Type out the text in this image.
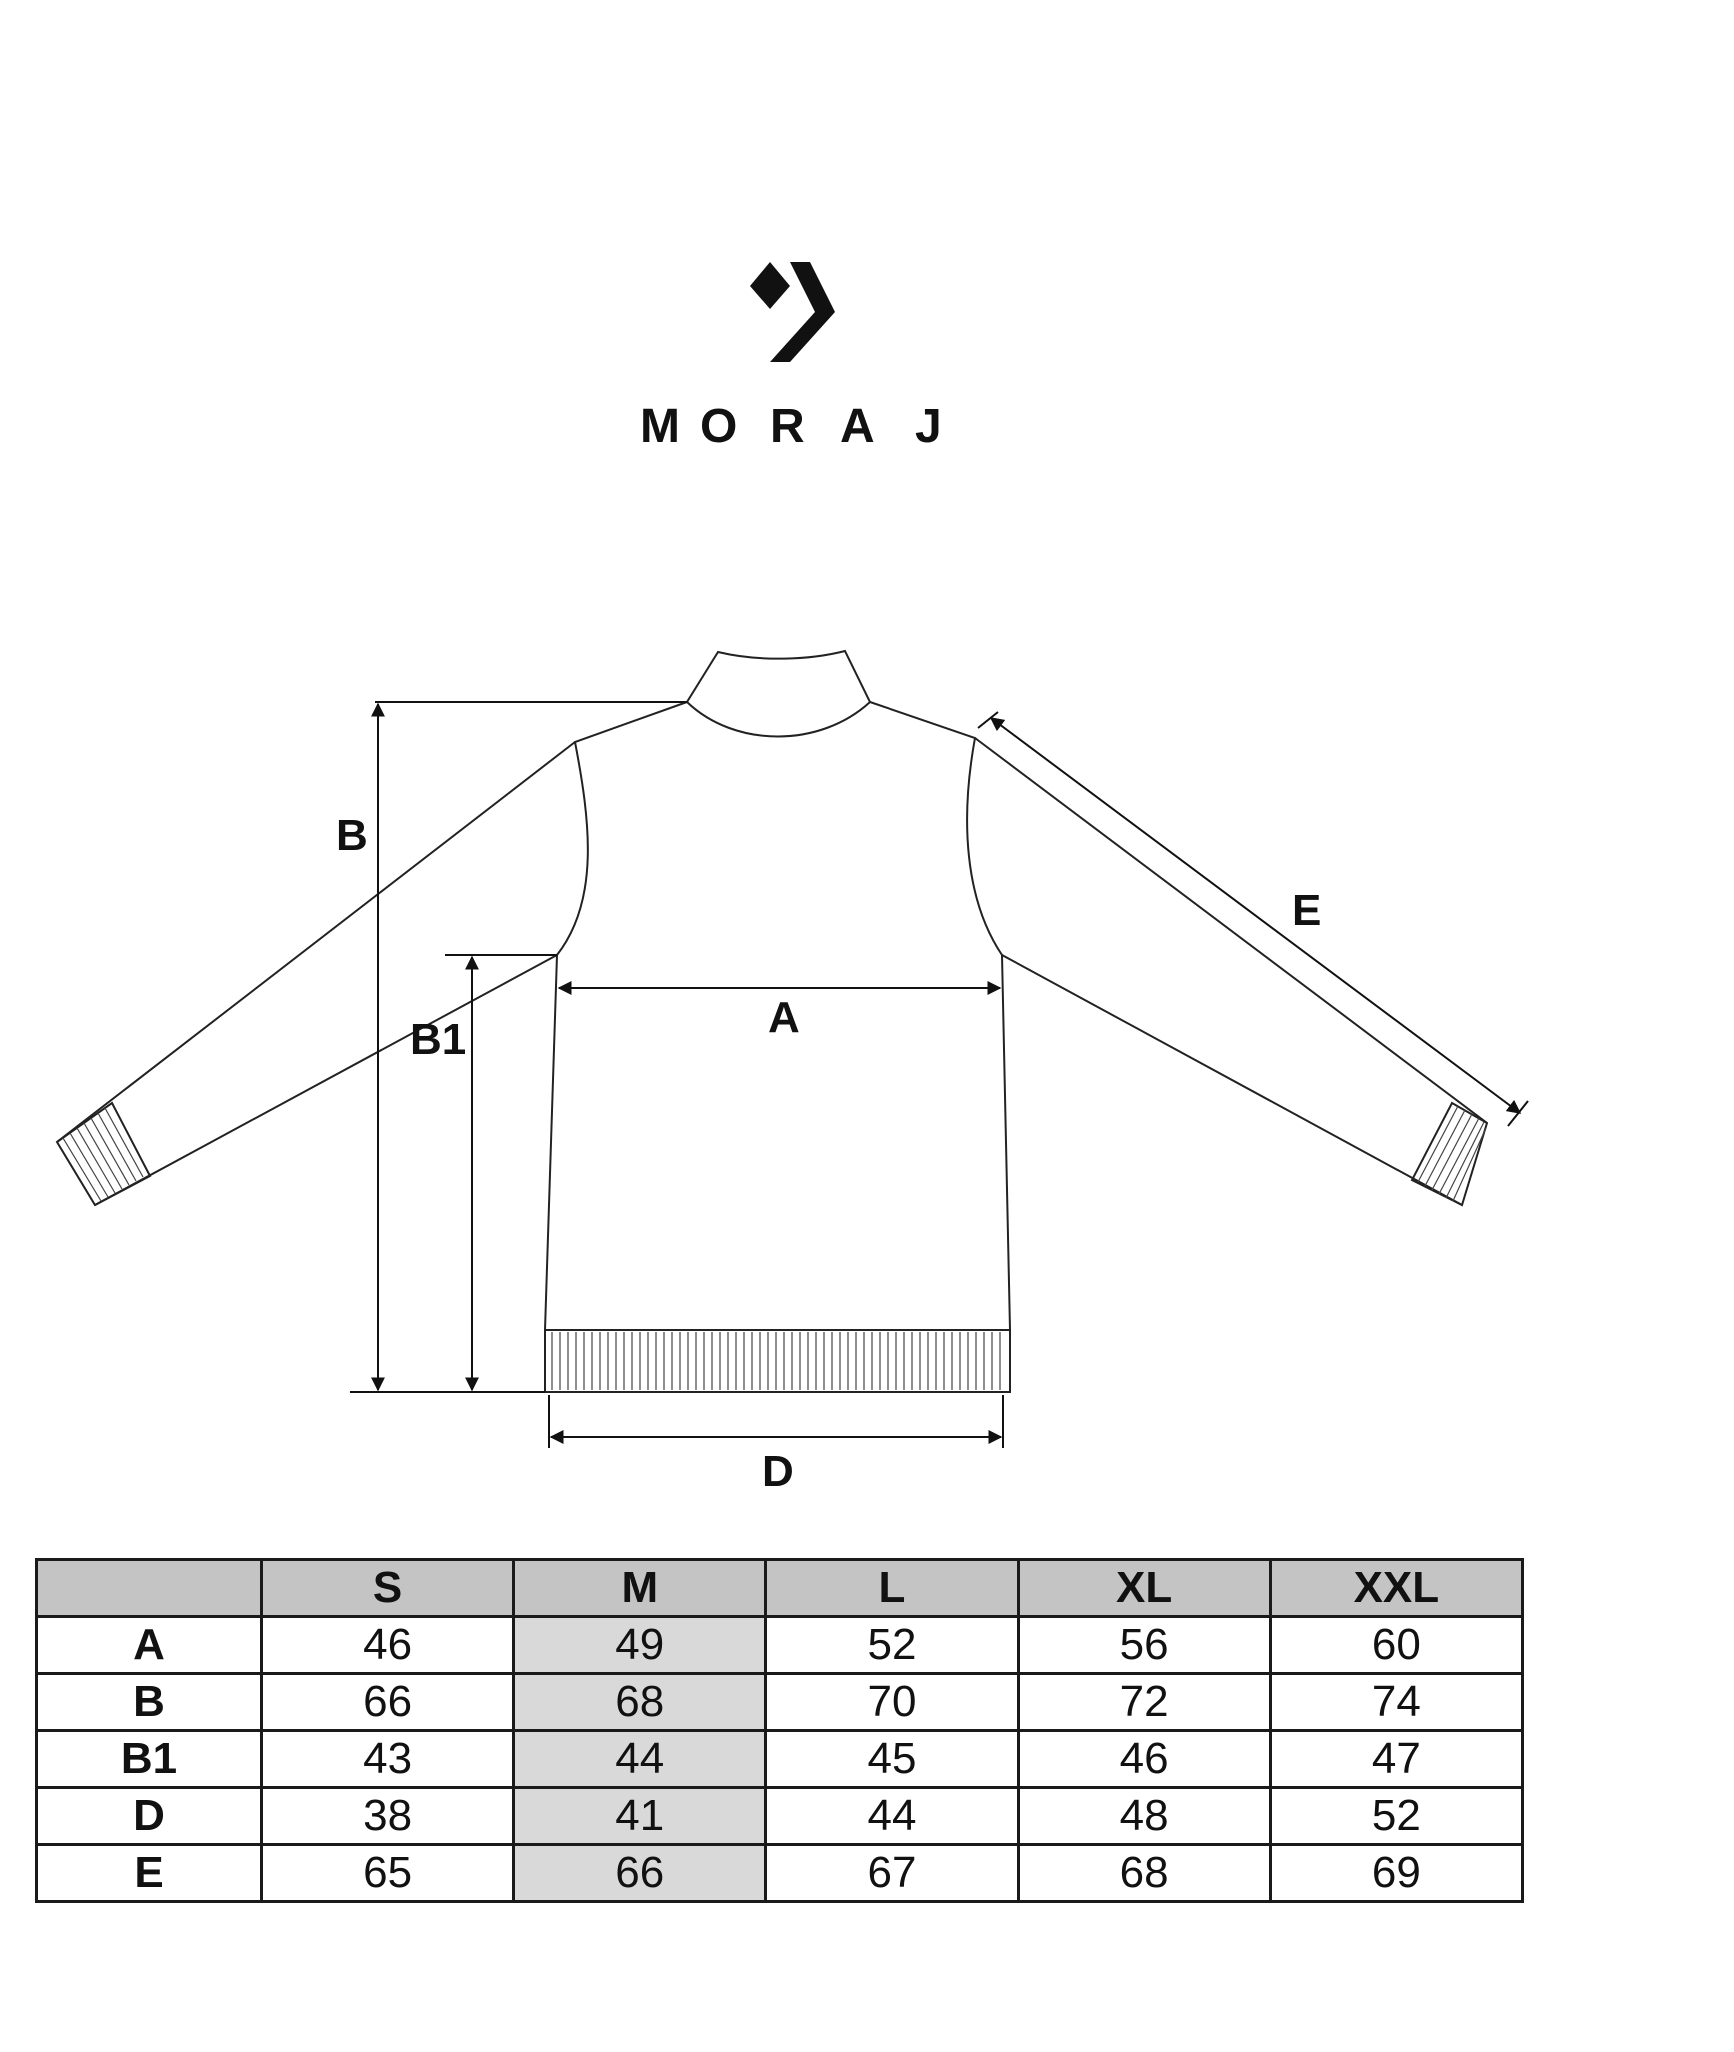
M O R A J
B
B1	A
D
E
	S	M	L	XL	XXL
A	46	49	52	56	60
B	66	68	70	72	74
B1	43	44	45	46	47
D	38	41	44	48	52
E	65	66	67	68	69
